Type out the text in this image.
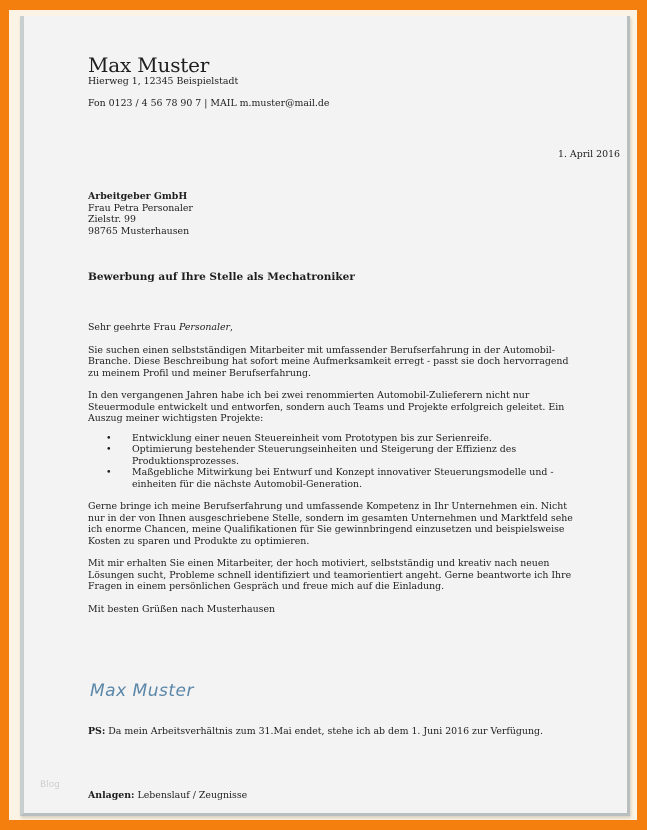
Max Muster
Hierweg 1, 12345 Beispielstadt
Fon 0123 / 4 56 78 90 7 | MAIL m.muster@mail.de
1. April 2016
Arbeitgeber GmbH
Frau Petra Personaler
Zielstr. 99
98765 Musterhausen
Bewerbung auf Ihre Stelle als Mechatroniker

Sehr geehrte Frau Personaler,

Sie suchen einen selbstständigen Mitarbeiter mit umfassender Berufserfahrung in der Automobil-Branche. Diese Beschreibung hat sofort meine Aufmerksamkeit erregt - passt sie doch hervorragend zu meinem Profil und meiner Berufserfahrung.

In den vergangenen Jahren habe ich bei zwei renommierten Automobil-Zulieferern nicht nur Steuermodule entwickelt und entworfen, sondern auch Teams und Projekte erfolgreich geleitet. Ein Auszug meiner wichtigsten Projekte:

• Entwicklung einer neuen Steuereinheit vom Prototypen bis zur Serienreife.
• Optimierung bestehender Steuerungseinheiten und Steigerung der Effizienz des Produktionsprozesses.
• Maßgebliche Mitwirkung bei Entwurf und Konzept innovativer Steuerungsmodelle und -einheiten für die nächste Automobil-Generation.

Gerne bringe ich meine Berufserfahrung und umfassende Kompetenz in Ihr Unternehmen ein. Nicht nur in der von Ihnen ausgeschriebene Stelle, sondern im gesamten Unternehmen und Marktfeld sehe ich enorme Chancen, meine Qualifikationen für Sie gewinnbringend einzusetzen und beispielsweise Kosten zu sparen und Produkte zu optimieren.

Mit mir erhalten Sie einen Mitarbeiter, der hoch motiviert, selbstständig und kreativ nach neuen Lösungen sucht, Probleme schnell identifiziert und teamorientiert angeht. Gerne beantworte ich Ihre Fragen in einem persönlichen Gespräch und freue mich auf die Einladung.

Mit besten Grüßen nach Musterhausen

Max Muster
PS: Da mein Arbeitsverhältnis zum 31.Mai endet, stehe ich ab dem 1. Juni 2016 zur Verfügung.
Anlagen: Lebenslauf / Zeugnisse
Blog
